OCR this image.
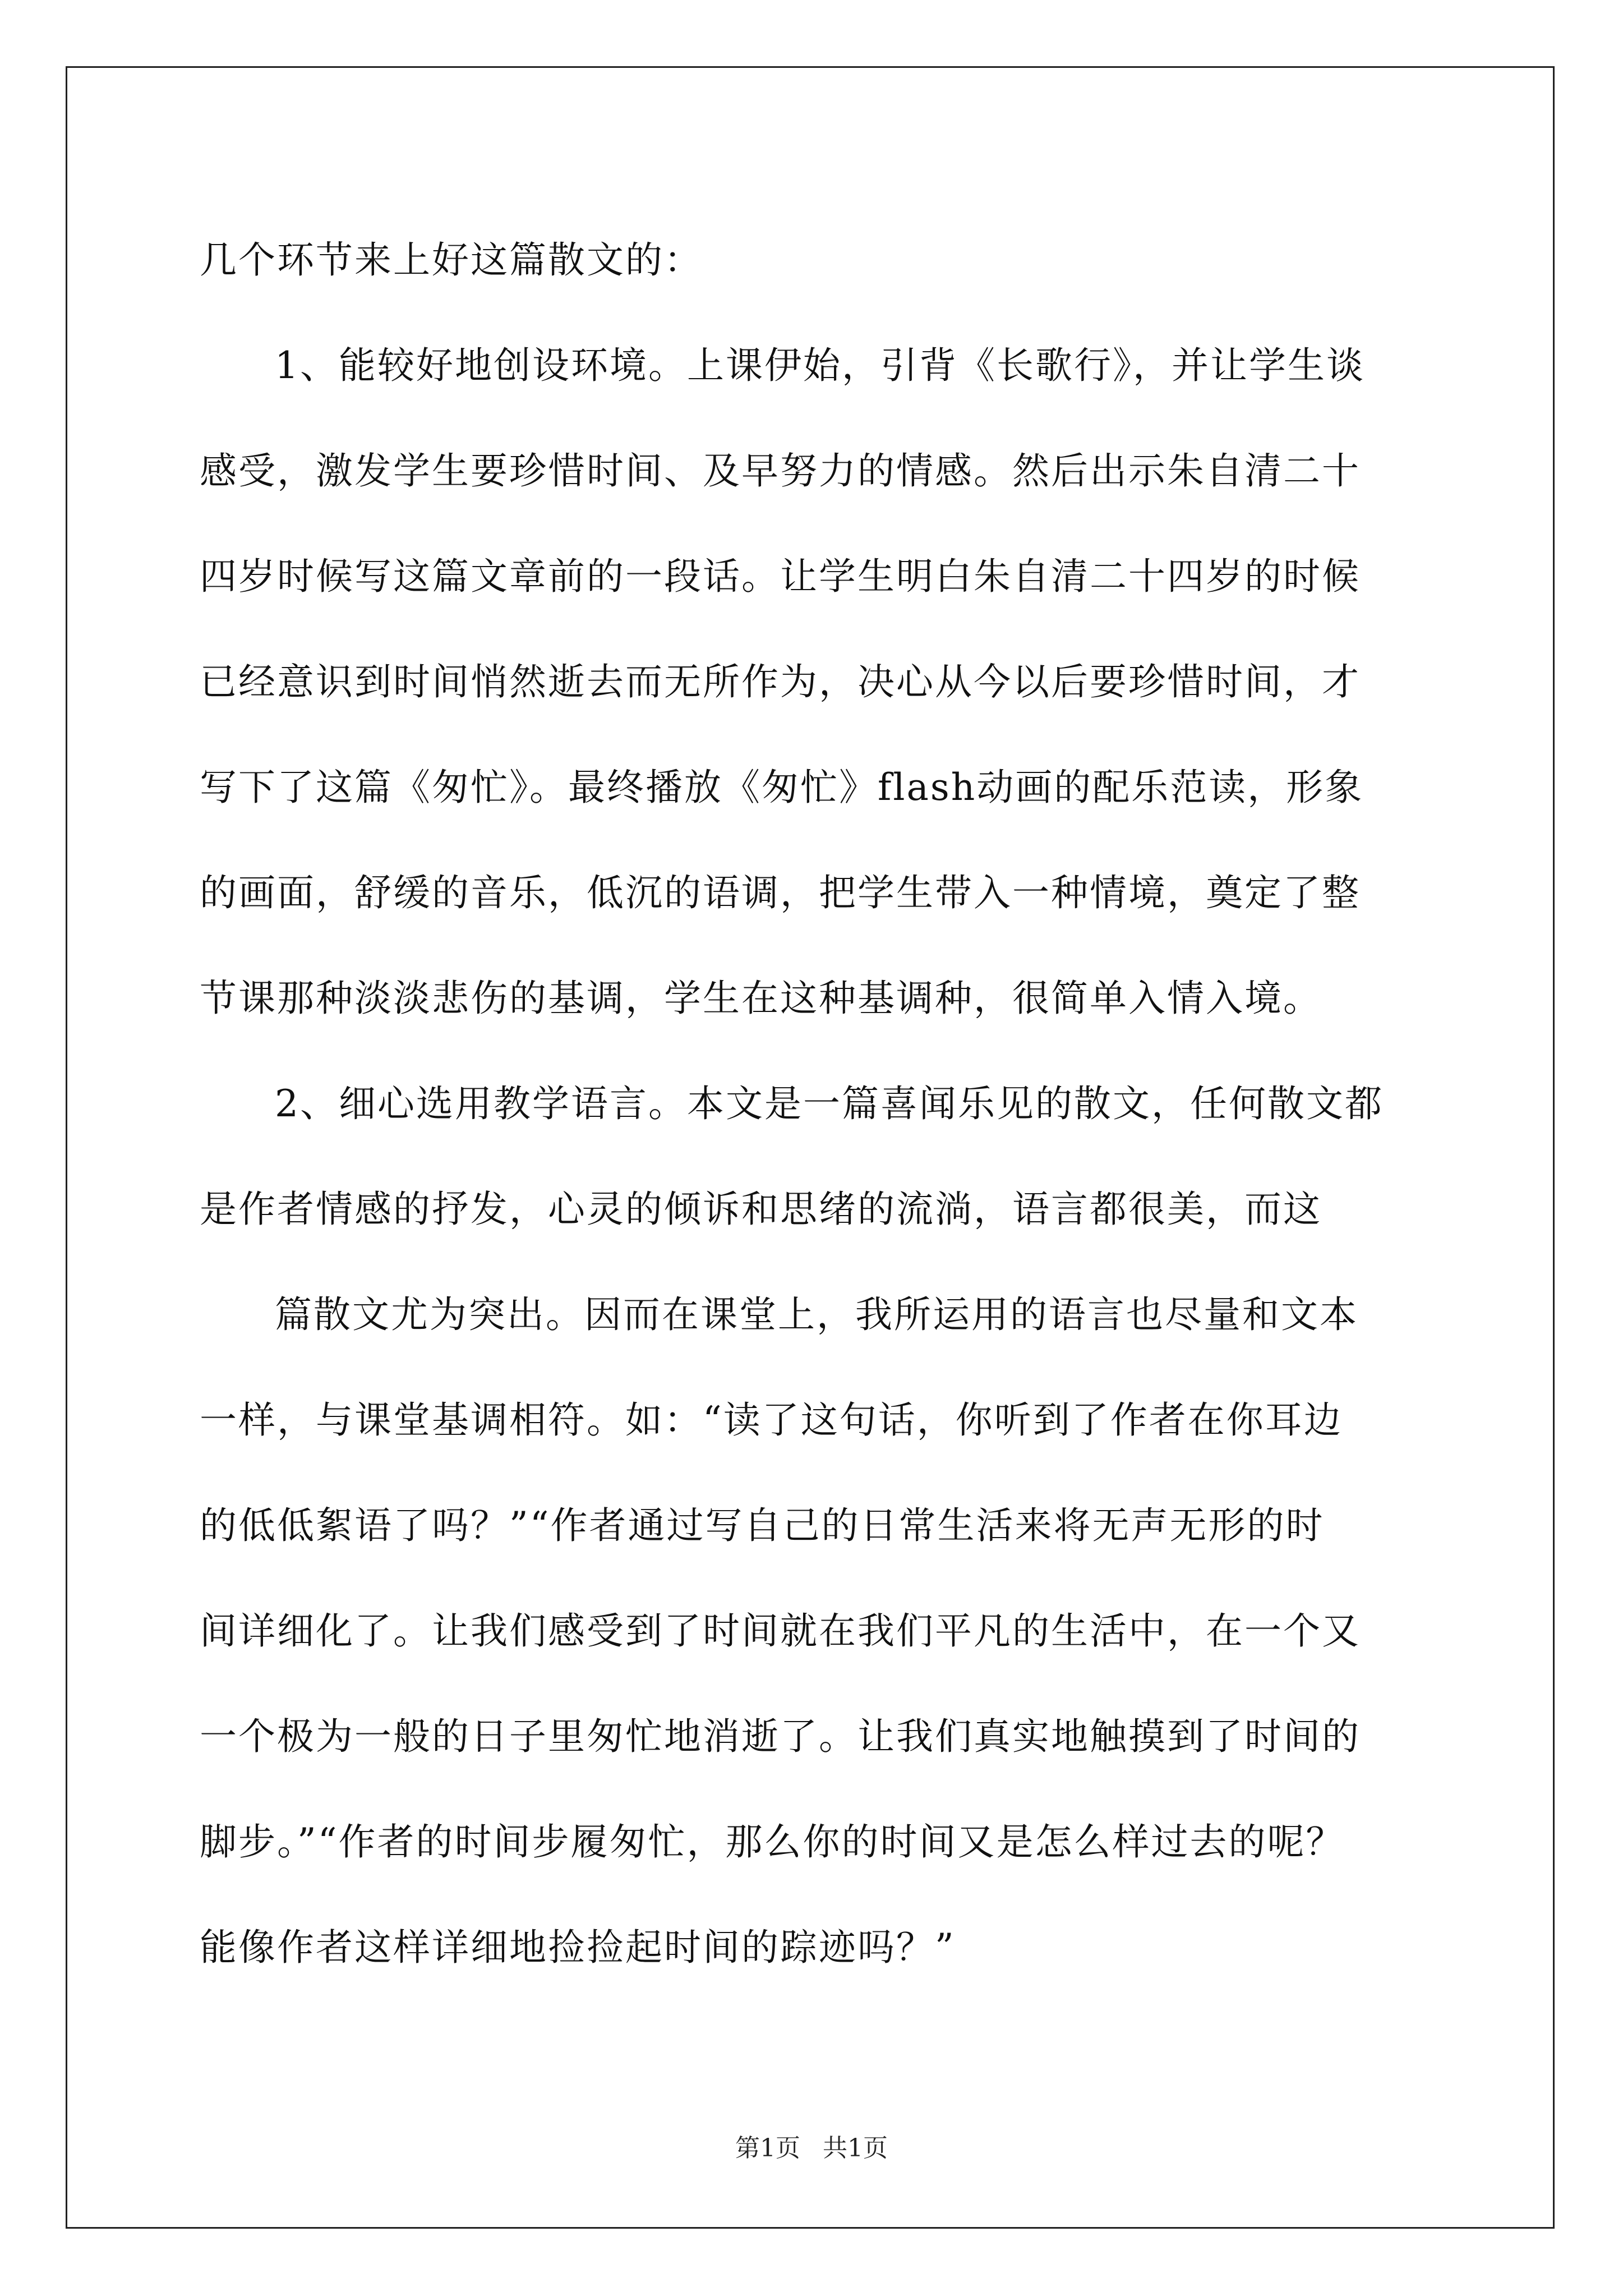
几个环节来上好这篇散文的：
1、能较好地创设环境。上课伊始，引背《长歌行》，并让学生谈
感受，激发学生要珍惜时间、及早努力的情感。然后出示朱自清二十
四岁时候写这篇文章前的一段话。让学生明白朱自清二十四岁的时候
已经意识到时间悄然逝去而无所作为，决心从今以后要珍惜时间，才
写下了这篇《匆忙》。最终播放《匆忙》flash动画的配乐范读，形象
的画面，舒缓的音乐，低沉的语调，把学生带入一种情境，奠定了整
节课那种淡淡悲伤的基调，学生在这种基调种，很简单入情入境。
2、细心选用教学语言。本文是一篇喜闻乐见的散文，任何散文都
是作者情感的抒发，心灵的倾诉和思绪的流淌，语言都很美，而这
篇散文尤为突出。因而在课堂上，我所运用的语言也尽量和文本
一样，与课堂基调相符。如：“读了这句话，你听到了作者在你耳边
的低低絮语了吗？”“作者通过写自己的日常生活来将无声无形的时
间详细化了。让我们感受到了时间就在我们平凡的生活中，在一个又
一个极为一般的日子里匆忙地消逝了。让我们真实地触摸到了时间的
脚步。”“作者的时间步履匆忙，那么你的时间又是怎么样过去的呢？
能像作者这样详细地捡捡起时间的踪迹吗？”
第1页 共1页
